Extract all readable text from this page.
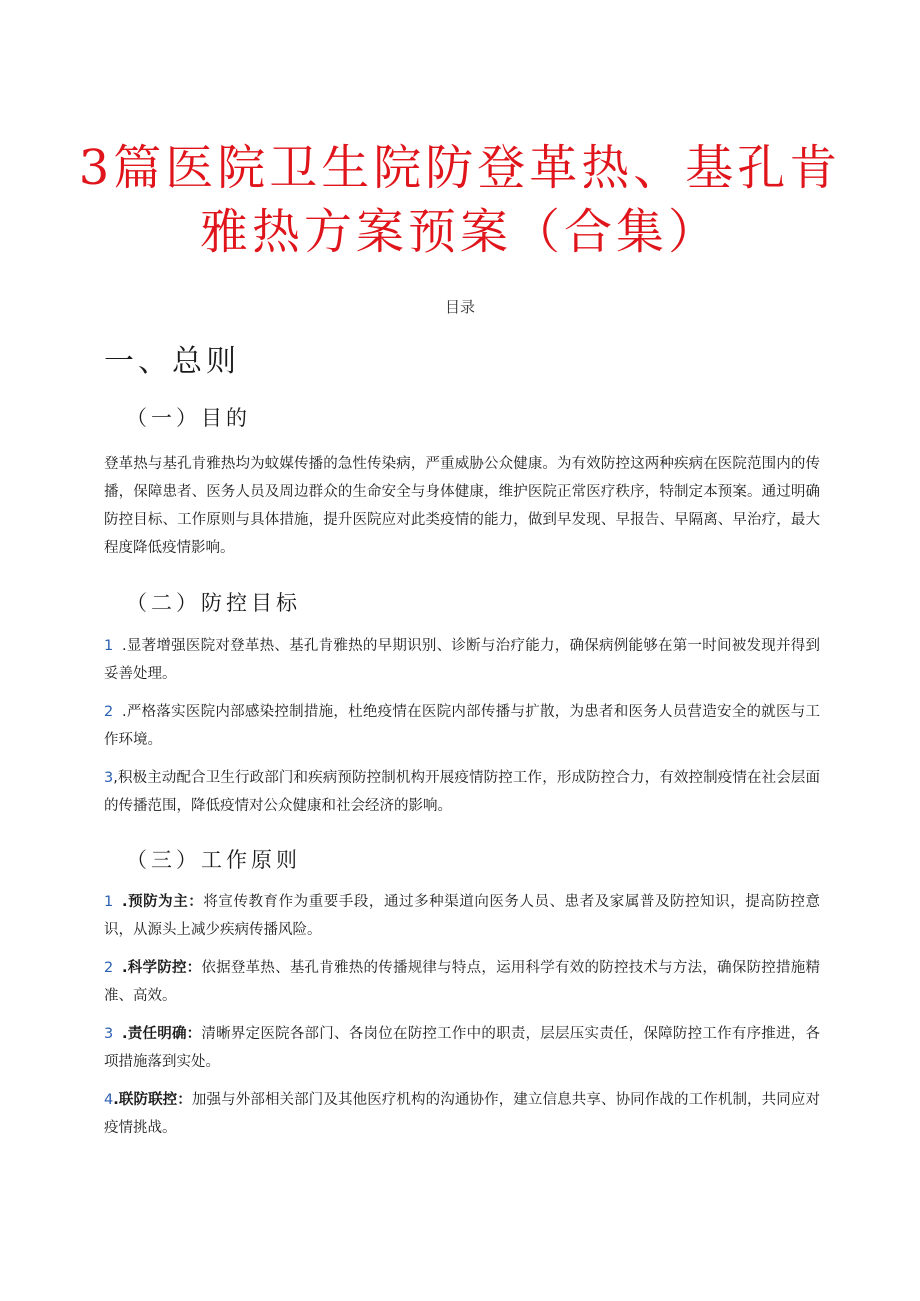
3篇医院卫生院防登革热、基孔肯
雅热方案预案（合集）
目录
一、总则
（一）目的

登革热与基孔肯雅热均为蚊媒传播的急性传染病，严重威胁公众健康。为有效防控这两种疾病在医院范围内的传播，保障患者、医务人员及周边群众的生命安全与身体健康，维护医院正常医疗秩序，特制定本预案。通过明确防控目标、工作原则与具体措施，提升医院应对此类疫情的能力，做到早发现、早报告、早隔离、早治疗，最大程度降低疫情影响。

（二）防控目标

1 .显著增强医院对登革热、基孔肯雅热的早期识别、诊断与治疗能力，确保病例能够在第一时间被发现并得到妥善处理。

2 .严格落实医院内部感染控制措施，杜绝疫情在医院内部传播与扩散，为患者和医务人员营造安全的就医与工作环境。

3,积极主动配合卫生行政部门和疾病预防控制机构开展疫情防控工作，形成防控合力，有效控制疫情在社会层面的传播范围，降低疫情对公众健康和社会经济的影响。

（三）工作原则

1 .预防为主：将宣传教育作为重要手段，通过多种渠道向医务人员、患者及家属普及防控知识，提高防控意识，从源头上减少疾病传播风险。

2 .科学防控：依据登革热、基孔肯雅热的传播规律与特点，运用科学有效的防控技术与方法，确保防控措施精准、高效。

3 .责任明确：清晰界定医院各部门、各岗位在防控工作中的职责，层层压实责任，保障防控工作有序推进，各项措施落到实处。

4.联防联控：加强与外部相关部门及其他医疗机构的沟通协作，建立信息共享、协同作战的工作机制，共同应对疫情挑战。
